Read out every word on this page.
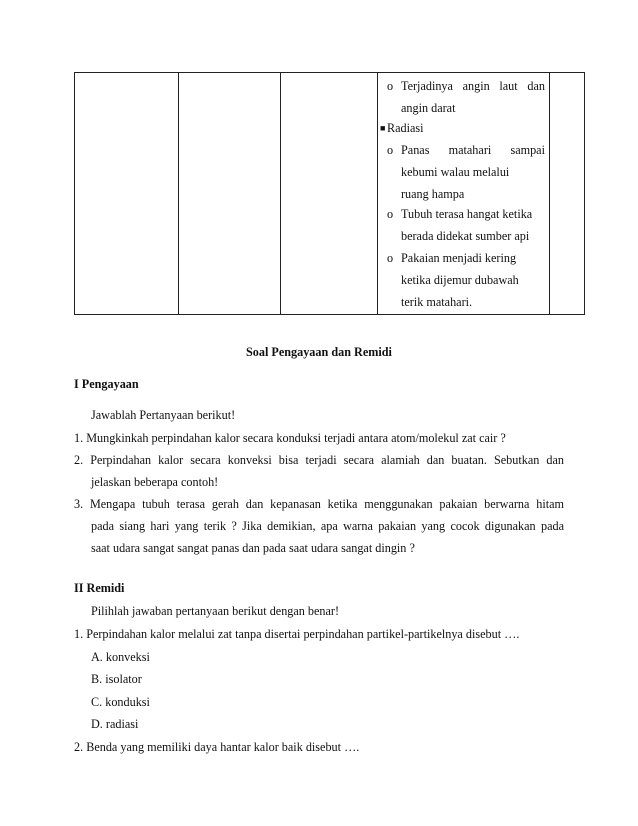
o Terjadinya angin laut dan
angin darat
■ Radiasi
o Panas matahari sampai
kebumi walau melalui
ruang hampa
o Tubuh terasa hangat ketika
berada didekat sumber api
o Pakaian menjadi kering
ketika dijemur dubawah
terik matahari.
Soal Pengayaan dan Remidi
I Pengayaan
Jawablah Pertanyaan berikut!
1. Mungkinkah perpindahan kalor secara konduksi terjadi antara atom/molekul zat cair ?
2. Perpindahan kalor secara konveksi bisa terjadi secara alamiah dan buatan. Sebutkan dan
jelaskan beberapa contoh!
3. Mengapa tubuh terasa gerah dan kepanasan ketika menggunakan pakaian berwarna hitam
pada siang hari yang terik ? Jika demikian, apa warna pakaian yang cocok digunakan pada
saat udara sangat sangat panas dan pada saat udara sangat dingin ?
II Remidi
Pilihlah jawaban pertanyaan berikut dengan benar!
1. Perpindahan kalor melalui zat tanpa disertai perpindahan partikel-partikelnya disebut ….
A. konveksi
B. isolator
C. konduksi
D. radiasi
2. Benda yang memiliki daya hantar kalor baik disebut ….
